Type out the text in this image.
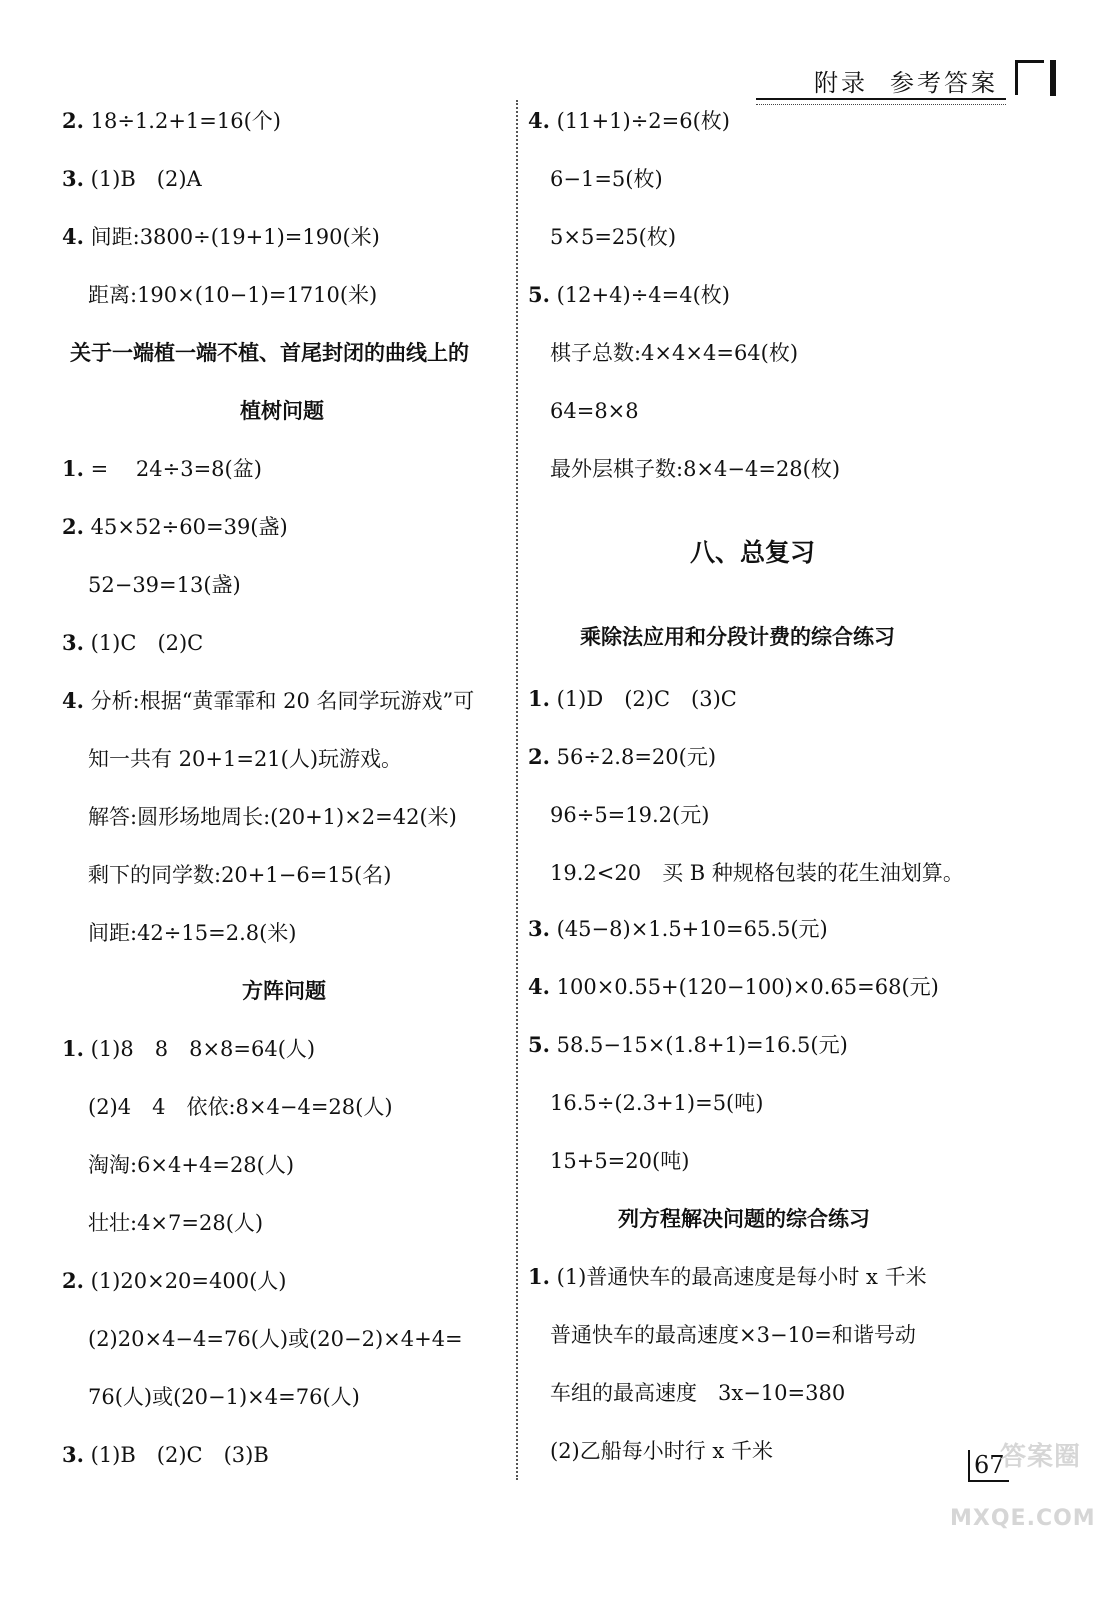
附录 参考答案
2. 18÷1.2+1=16(个)
3. (1)B　(2)A
4. 间距:3800÷(19+1)=190(米)
距离:190×(10−1)=1710(米)
关于一端植一端不植、首尾封闭的曲线上的
植树问题
1. =　 24÷3=8(盆)
2. 45×52÷60=39(盏)
52−39=13(盏)
3. (1)C　(2)C
4. 分析:根据“黄霏霏和 20 名同学玩游戏”可
知一共有 20+1=21(人)玩游戏。
解答:圆形场地周长:(20+1)×2=42(米)
剩下的同学数:20+1−6=15(名)
间距:42÷15=2.8(米)
方阵问题
1. (1)8　8　8×8=64(人)
(2)4　4　依依:8×4−4=28(人)
淘淘:6×4+4=28(人)
壮壮:4×7=28(人)
2. (1)20×20=400(人)
(2)20×4−4=76(人)或(20−2)×4+4=
76(人)或(20−1)×4=76(人)
3. (1)B　(2)C　(3)B
4. (11+1)÷2=6(枚)
6−1=5(枚)
5×5=25(枚)
5. (12+4)÷4=4(枚)
棋子总数:4×4×4=64(枚)
64=8×8
最外层棋子数:8×4−4=28(枚)
八、总复习
乘除法应用和分段计费的综合练习
1. (1)D　(2)C　(3)C
2. 56÷2.8=20(元)
96÷5=19.2(元)
19.2<20　买 B 种规格包装的花生油划算。
3. (45−8)×1.5+10=65.5(元)
4. 100×0.55+(120−100)×0.65=68(元)
5. 58.5−15×(1.8+1)=16.5(元)
16.5÷(2.3+1)=5(吨)
15+5=20(吨)
列方程解决问题的综合练习
1. (1)普通快车的最高速度是每小时 x 千米
普通快车的最高速度×3−10=和谐号动
车组的最高速度　3x−10=380
(2)乙船每小时行 x 千米	67
答案圈
MXQE.COM
